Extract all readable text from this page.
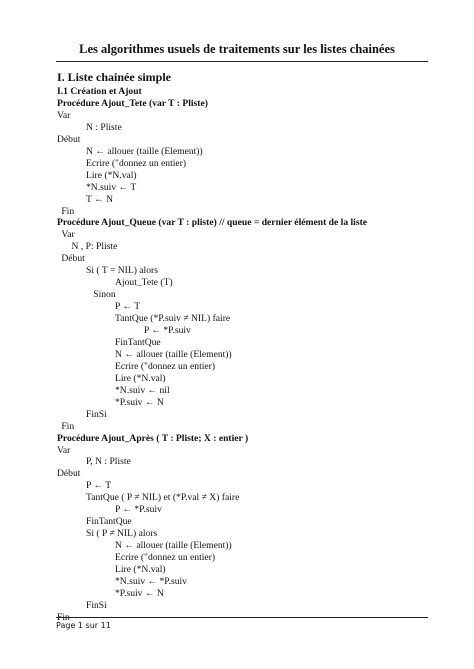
Les algorithmes usuels de traitements sur les listes chainées
I. Liste chainée simple
I.1 Création et Ajout
Procédure Ajout_Tete (var T : Pliste)
Var
N : Pliste
Début
N ← allouer (taille (Element))
Ecrire ("donnez un entier)
Lire (*N.val)
*N.suiv ← T
T ← N
Fin
Procédure Ajout_Queue (var T : pliste) // queue = dernier élément de la liste
Var
N , P: Pliste
Début
Si ( T = NIL) alors
Ajout_Tete (T)
Sinon
P ← T
TantQue (*P.suiv ≠ NIL) faire
P ← *P.suiv
FinTantQue
N ← allouer (taille (Element))
Ecrire ("donnez un entier)
Lire (*N.val)
*N.suiv ← nil
*P.suiv ← N
FinSi
Fin
Procédure Ajout_Après ( T : Pliste; X : entier )
Var
P, N : Pliste
Début
P ← T
TantQue ( P ≠ NIL) et (*P.val ≠ X) faire
P ← *P.suiv
FinTantQue
Si ( P ≠ NIL) alors
N ← allouer (taille (Element))
Ecrire ("donnez un entier)
Lire (*N.val)
*N.suiv ← *P.suiv
*P.suiv ← N
FinSi
Fin
Page 1 sur 11
